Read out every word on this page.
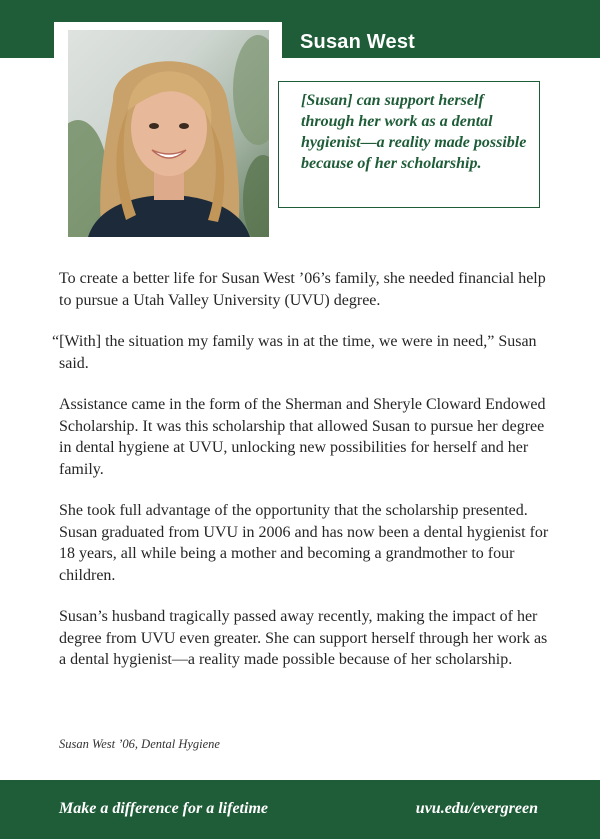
Susan West

[Susan] can support herself through her work as a dental hygienist—a reality made possible because of her scholarship.

To create a better life for Susan West ’06’s family, she needed financial help to pursue a Utah Valley University (UVU) degree.

“[With] the situation my family was in at the time, we were in need,” Susan said.

Assistance came in the form of the Sherman and Sheryle Cloward Endowed Scholarship. It was this scholarship that allowed Susan to pursue her degree in dental hygiene at UVU, unlocking new possibilities for herself and her family.

She took full advantage of the opportunity that the scholarship presented. Susan graduated from UVU in 2006 and has now been a dental hygienist for 18 years, all while being a mother and becoming a grandmother to four children.

Susan’s husband tragically passed away recently, making the impact of her degree from UVU even greater. She can support herself through her work as a dental hygienist—a reality made possible because of her scholarship.

Susan West ’06, Dental Hygiene
Make a difference for a lifetime	uvu.edu/evergreen
